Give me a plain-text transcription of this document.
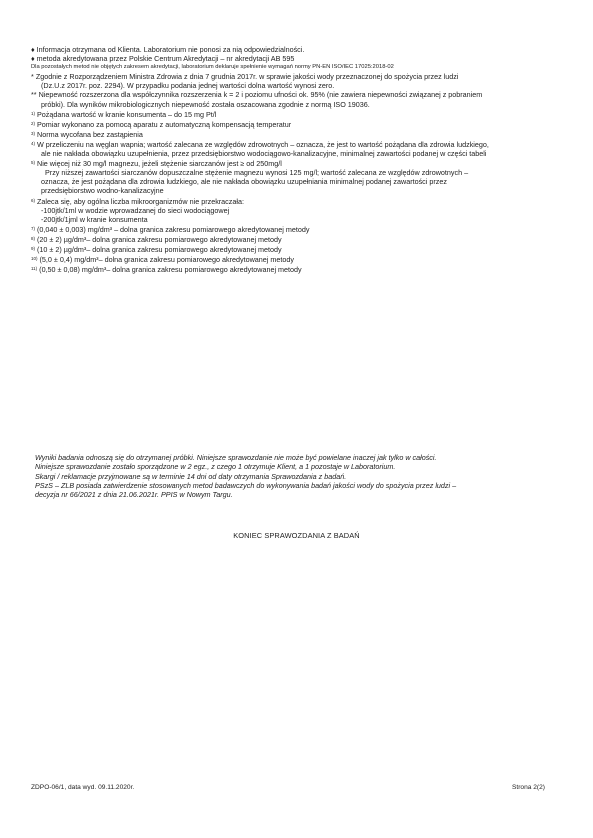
♦ Informacja otrzymana od Klienta. Laboratorium nie ponosi za nią odpowiedzialności.
♦ metoda akredytowana przez Polskie Centrum Akredytacji – nr akredytacji AB 595
Dla pozostałych metod nie objętych zakresem akredytacji, laboratorium deklaruje spełnienie wymagań normy PN-EN ISO/IEC 17025:2018-02
* Zgodnie z Rozporządzeniem Ministra Zdrowia z dnia 7 grudnia 2017r. w sprawie jakości wody przeznaczonej do spożycia przez ludzi
(Dz.U.z 2017r. poz. 2294). W przypadku podania jednej wartości dolna wartość wynosi zero.
** Niepewność rozszerzona dla współczynnika rozszerzenia k = 2 i poziomu ufności ok. 95% (nie zawiera niepewności związanej z pobraniem
próbki). Dla wyników mikrobiologicznych niepewność została oszacowana zgodnie z normą ISO 19036.
$^{1)}$ Pożądana wartość w kranie konsumenta – do 15 mg Pt/l
$^{2)}$ Pomiar wykonano za pomocą aparatu z automatyczną kompensacją temperatur
$^{3)}$ Norma wycofana bez zastąpienia
$^{4)}$ W przeliczeniu na węglan wapnia; wartość zalecana ze względów zdrowotnych – oznacza, że jest to wartość pożądana dla zdrowia ludzkiego,
ale nie nakłada obowiązku uzupełnienia, przez przedsiębiorstwo wodociągowo-kanalizacyjne, minimalnej zawartości podanej w części tabeli
$^{5)}$ Nie więcej niż 30 mg/l magnezu, jeżeli stężenie siarczanów jest ≥ od 250mg/l
Przy niższej zawartości siarczanów dopuszczalne stężenie magnezu wynosi 125 mg/l; wartość zalecana ze względów zdrowotnych –
oznacza, że jest pożądana dla zdrowia ludzkiego, ale nie nakłada obowiązku uzupełniania minimalnej podanej zawartości przez
przedsiębiorstwo wodno-kanalizacyjne
$^{6)}$ Zaleca się, aby ogólna liczba mikroorganizmów nie przekraczała:
-100jtk/1ml w wodzie wprowadzanej do sieci wodociągowej
-200jtk/1jml w kranie konsumenta
$^{7)}$ (0,040 ± 0,003) mg/dm³ – dolna granica zakresu pomiarowego akredytowanej metody
$^{8)}$ (20 ± 2) µg/dm³– dolna granica zakresu pomiarowego akredytowanej metody
$^{9)}$ (10 ± 2) µg/dm³– dolna granica zakresu pomiarowego akredytowanej metody
$^{10)}$ (5,0 ± 0,4) mg/dm³– dolna granica zakresu pomiarowego akredytowanej metody
$^{11)}$ (0,50 ± 0,08) mg/dm³– dolna granica zakresu pomiarowego akredytowanej metody
Wyniki badania odnoszą się do otrzymanej próbki. Niniejsze sprawozdanie nie może być powielane inaczej jak tylko w całości.
Niniejsze sprawozdanie zostało sporządzone w 2 egz., z czego 1 otrzymuje Klient, a 1 pozostaje w Laboratorium.
Skargi / reklamacje przyjmowane są w terminie 14 dni od daty otrzymania Sprawozdania z badań.
PSzS – ZLB posiada zatwierdzenie stosowanych metod badawczych do wykonywania badań jakości wody do spożycia przez ludzi –
decyzja nr 66/2021 z dnia 21.06.2021r. PPIS w Nowym Targu.
KONIEC SPRAWOZDANIA Z BADAŃ
ZDPO-06/1, data wyd. 09.11.2020r.	Strona 2(2)
